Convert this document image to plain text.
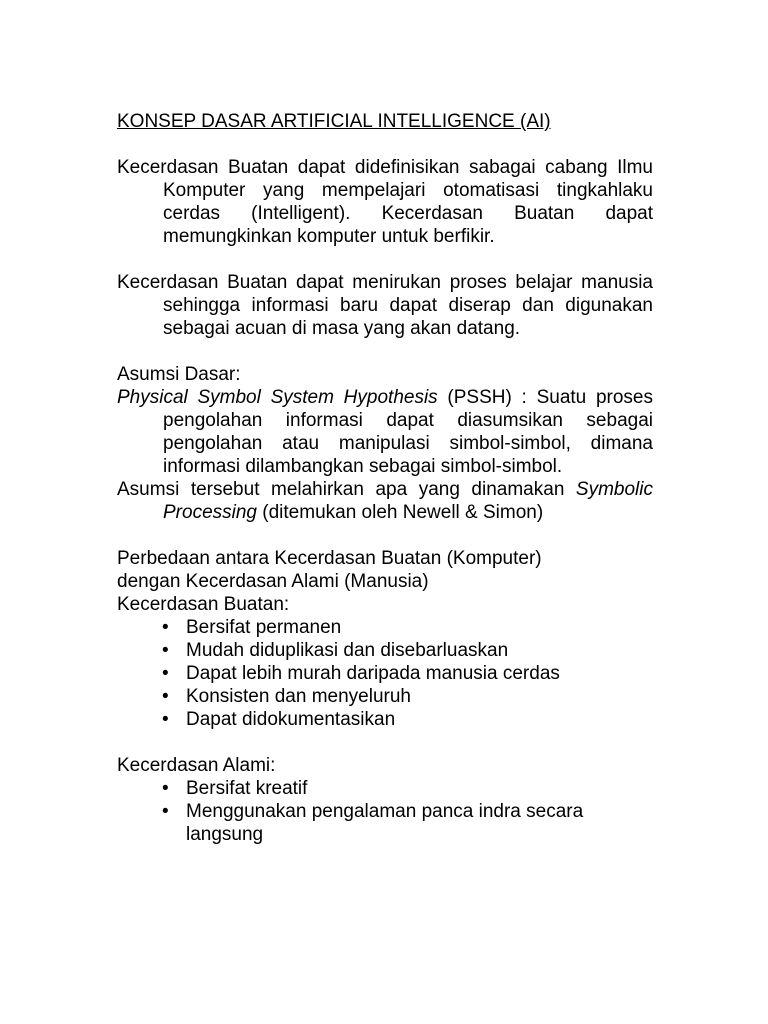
KONSEP DASAR ARTIFICIAL INTELLIGENCE (AI)

Kecerdasan Buatan dapat didefinisikan sabagai cabang Ilmu Komputer yang mempelajari otomatisasi tingkahlaku cerdas (Intelligent). Kecerdasan Buatan dapat memungkinkan komputer untuk berfikir.

Kecerdasan Buatan dapat menirukan proses belajar manusia sehingga informasi baru dapat diserap dan digunakan sebagai acuan di masa yang akan datang.

Asumsi Dasar:

Physical Symbol System Hypothesis (PSSH) : Suatu proses pengolahan informasi dapat diasumsikan sebagai pengolahan atau manipulasi simbol-simbol, dimana informasi dilambangkan sebagai simbol-simbol.

Asumsi tersebut melahirkan apa yang dinamakan Symbolic Processing (ditemukan oleh Newell & Simon)

Perbedaan antara Kecerdasan Buatan (Komputer)

dengan Kecerdasan Alami (Manusia)

Kecerdasan Buatan:

• Bersifat permanen
• Mudah diduplikasi dan disebarluaskan
• Dapat lebih murah daripada manusia cerdas
• Konsisten dan menyeluruh
• Dapat didokumentasikan

Kecerdasan Alami:

• Bersifat kreatif
• Menggunakan pengalaman panca indra secara langsung
